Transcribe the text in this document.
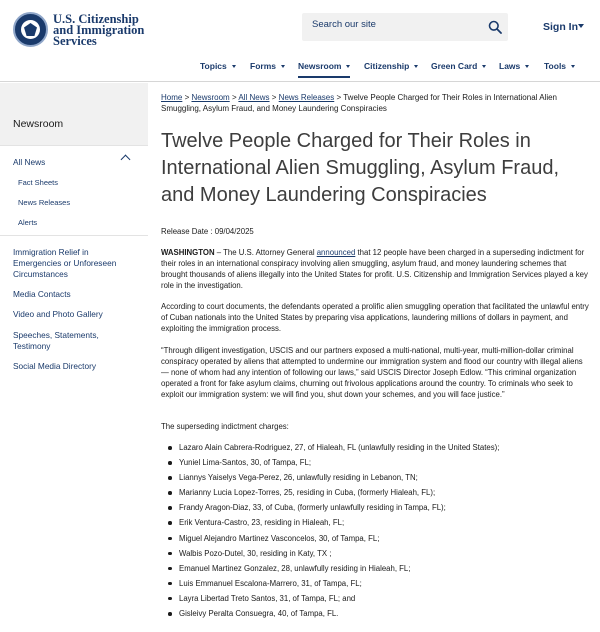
U.S. Citizenship
and Immigration
Services
Search our site
Sign In
Topics	Forms	Newsroom	Citizenship	Green Card	Laws	Tools
Newsroom
All News
Fact Sheets
News Releases
Alerts
Immigration Relief in Emergencies or Unforeseen Circumstances
Media Contacts
Video and Photo Gallery
Speeches, Statements, Testimony
Social Media Directory
Home > Newsroom > All News > News Releases > Twelve People Charged for Their Roles in International Alien Smuggling, Asylum Fraud, and Money Laundering Conspiracies
Twelve People Charged for Their Roles in International Alien Smuggling, Asylum Fraud, and Money Laundering Conspiracies
Release Date : 09/04/2025

WASHINGTON – The U.S. Attorney General announced that 12 people have been charged in a superseding indictment for their roles in an international conspiracy involving alien smuggling, asylum fraud, and money laundering schemes that brought thousands of aliens illegally into the United States for profit. U.S. Citizenship and Immigration Services played a key role in the investigation.

According to court documents, the defendants operated a prolific alien smuggling operation that facilitated the unlawful entry of Cuban nationals into the United States by preparing visa applications, laundering millions of dollars in payment, and exploiting the immigration process.

“Through diligent investigation, USCIS and our partners exposed a multi-national, multi-year, multi-million-dollar criminal conspiracy operated by aliens that attempted to undermine our immigration system and flood our country with illegal aliens — none of whom had any intention of following our laws,” said USCIS Director Joseph Edlow. “This criminal organization operated a front for fake asylum claims, churning out frivolous applications around the country. To criminals who seek to exploit our immigration system: we will find you, shut down your schemes, and you will face justice.”

The superseding indictment charges:

Lazaro Alain Cabrera-Rodriguez, 27, of Hialeah, FL (unlawfully residing in the United States);
Yuniel Lima-Santos, 30, of Tampa, FL;
Liannys Yaiselys Vega-Perez, 26, unlawfully residing in Lebanon, TN;
Marianny Lucia Lopez-Torres, 25, residing in Cuba, (formerly Hialeah, FL);
Frandy Aragon-Diaz, 33, of Cuba, (formerly unlawfully residing in Tampa, FL);
Erik Ventura-Castro, 23, residing in Hialeah, FL;
Miguel Alejandro Martinez Vasconcelos, 30, of Tampa, FL;
Walbis Pozo-Dutel, 30, residing in Katy, TX ;
Emanuel Martinez Gonzalez, 28, unlawfully residing in Hialeah, FL;
Luis Emmanuel Escalona-Marrero, 31, of Tampa, FL;
Layra Libertad Treto Santos, 31, of Tampa, FL; and
Gisleivy Peralta Consuegra, 40, of Tampa, FL.
